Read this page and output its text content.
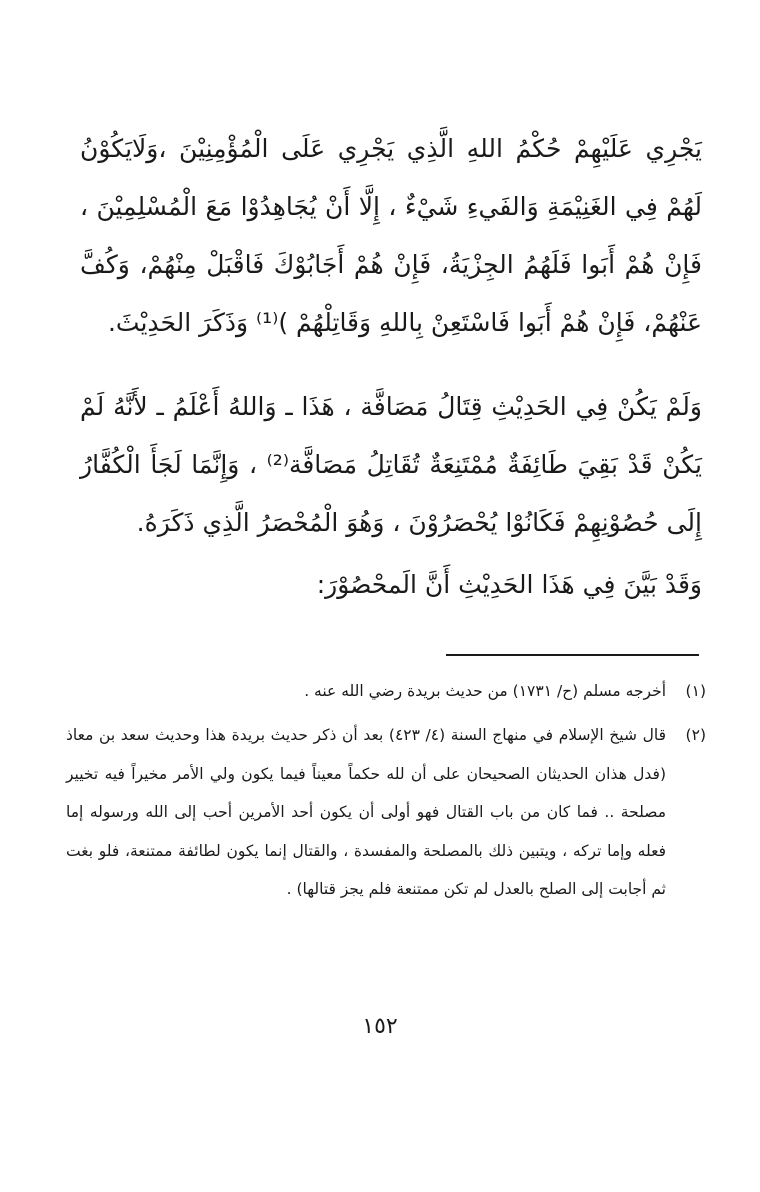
يَجْرِي عَلَيْهِمْ حُكْمُ اللهِ الَّذِي يَجْرِي عَلَى الْمُؤْمِنِيْنَ ،وَلَايَكُوْنُ لَهُمْ فِي الغَنِيْمَةِ وَالفَيءِ شَيْءٌ ، إِلَّا أَنْ يُجَاهِدُوْا مَعَ الْمُسْلِمِيْنَ ، فَإِنْ هُمْ أَبَوا فَلَهُمُ الجِزْيَةُ، فَإِنْ هُمْ أَجَابُوْكَ فَاقْبَلْ مِنْهُمْ، وَكُفَّ عَنْهُمْ، فَإِنْ هُمْ أَبَوا فَاسْتَعِنْ بِاللهِ وَقَاتِلْهُمْ )⁽¹⁾ وَذَكَرَ الحَدِيْثَ.

وَلَمْ يَكُنْ فِي الحَدِيْثِ قِتَالُ مَصَافَّة ، هَذَا ـ وَاللهُ أَعْلَمُ ـ لأَنَّهُ لَمْ يَكُنْ قَدْ بَقِيَ طَائِفَةٌ مُمْتَنِعَةٌ تُقَاتِلُ مَصَافَّة⁽²⁾ ، وَإِنَّمَا لَجَأَ الْكُفَّارُ إِلَى حُصُوْنِهِمْ فَكَانُوْا يُحْصَرُوْنَ ، وَهُوَ الْمُحْصَرُ الَّذِي ذَكَرَهُ.

وَقَدْ بَيَّنَ فِي هَذَا الحَدِيْثِ أَنَّ الَمحْصُوْرَ:

(١)
أخرجه مسلم (ح/ ١٧٣١) من حديث بريدة رضي الله عنه .
(٢)
قال شيخ الإسلام في منهاج السنة (٤/ ٤٢٣) بعد أن ذكر حديث بريدة هذا وحديث سعد بن معاذ (فدل هذان الحديثان الصحيحان على أن لله حكماً معيناً فيما يكون ولي الأمر مخيراً فيه تخيير مصلحة .. فما كان من باب القتال فهو أولى أن يكون أحد الأمرين أحب إلى الله ورسوله إما فعله وإما تركه ، ويتبين ذلك بالمصلحة والمفسدة ، والقتال إنما يكون لطائفة ممتنعة، فلو بغت ثم أجابت إلى الصلح بالعدل لم تكن ممتنعة فلم يجز قتالها) .
١٥٢
